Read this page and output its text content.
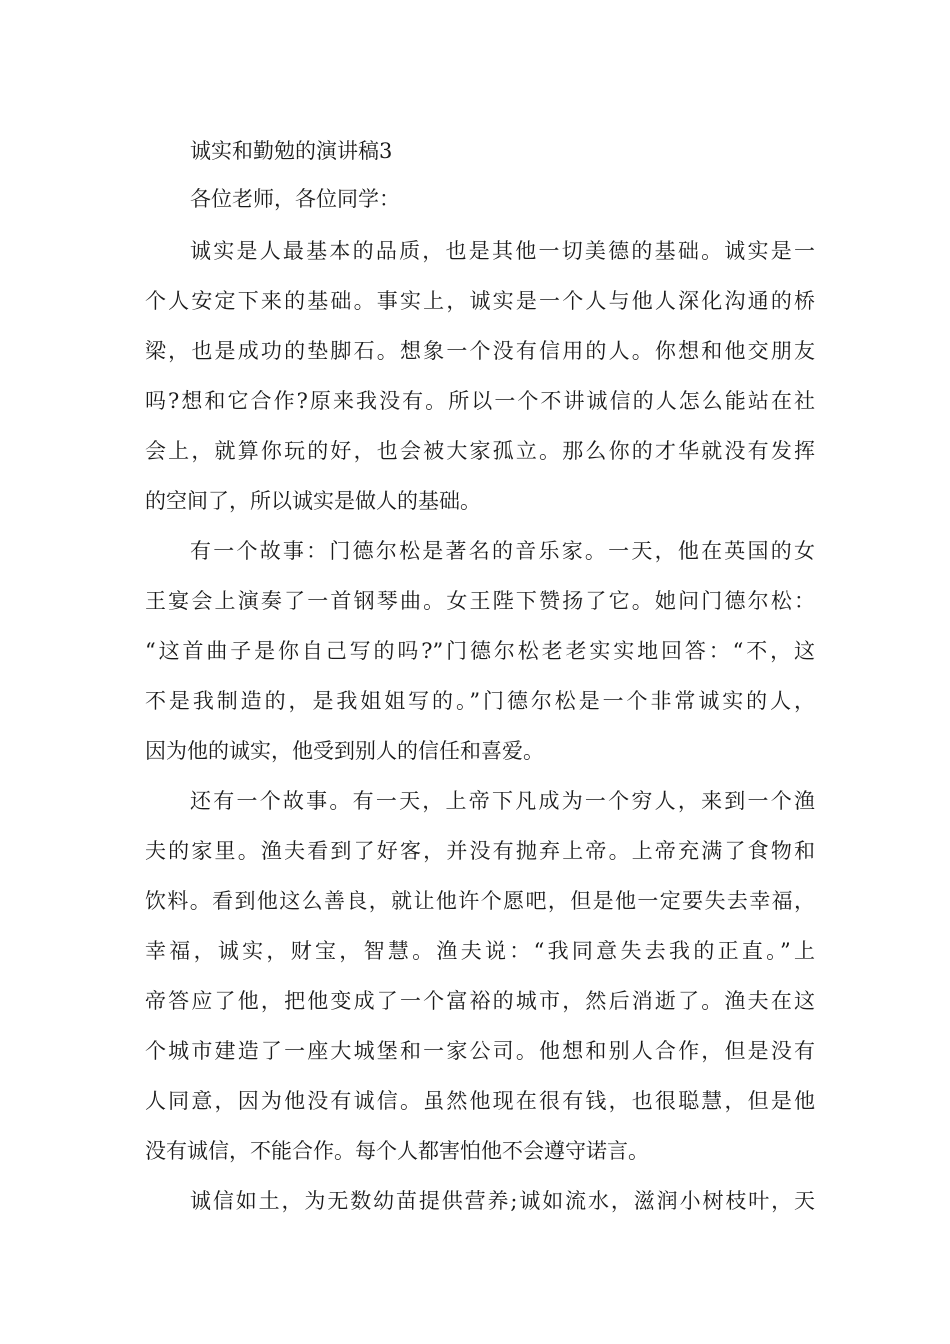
诚实和勤勉的演讲稿3
各位老师，各位同学：
诚实是人最基本的品质，也是其他一切美德的基础。诚实是一
个人安定下来的基础。事实上，诚实是一个人与他人深化沟通的桥
梁，也是成功的垫脚石。想象一个没有信用的人。你想和他交朋友
吗?想和它合作?原来我没有。所以一个不讲诚信的人怎么能站在社
会上，就算你玩的好，也会被大家孤立。那么你的才华就没有发挥
的空间了，所以诚实是做人的基础。
有一个故事：门德尔松是著名的音乐家。一天，他在英国的女
王宴会上演奏了一首钢琴曲。女王陛下赞扬了它。她问门德尔松：
“这首曲子是你自己写的吗?”门德尔松老老实实地回答：“不，这
不是我制造的，是我姐姐写的。”门德尔松是一个非常诚实的人，
因为他的诚实，他受到别人的信任和喜爱。
还有一个故事。有一天，上帝下凡成为一个穷人，来到一个渔
夫的家里。渔夫看到了好客，并没有抛弃上帝。上帝充满了食物和
饮料。看到他这么善良，就让他许个愿吧，但是他一定要失去幸福，
幸福，诚实，财宝，智慧。渔夫说：“我同意失去我的正直。”上
帝答应了他，把他变成了一个富裕的城市，然后消逝了。渔夫在这
个城市建造了一座大城堡和一家公司。他想和别人合作，但是没有
人同意，因为他没有诚信。虽然他现在很有钱，也很聪慧，但是他
没有诚信，不能合作。每个人都害怕他不会遵守诺言。
诚信如土，为无数幼苗提供营养;诚如流水，滋润小树枝叶，天
